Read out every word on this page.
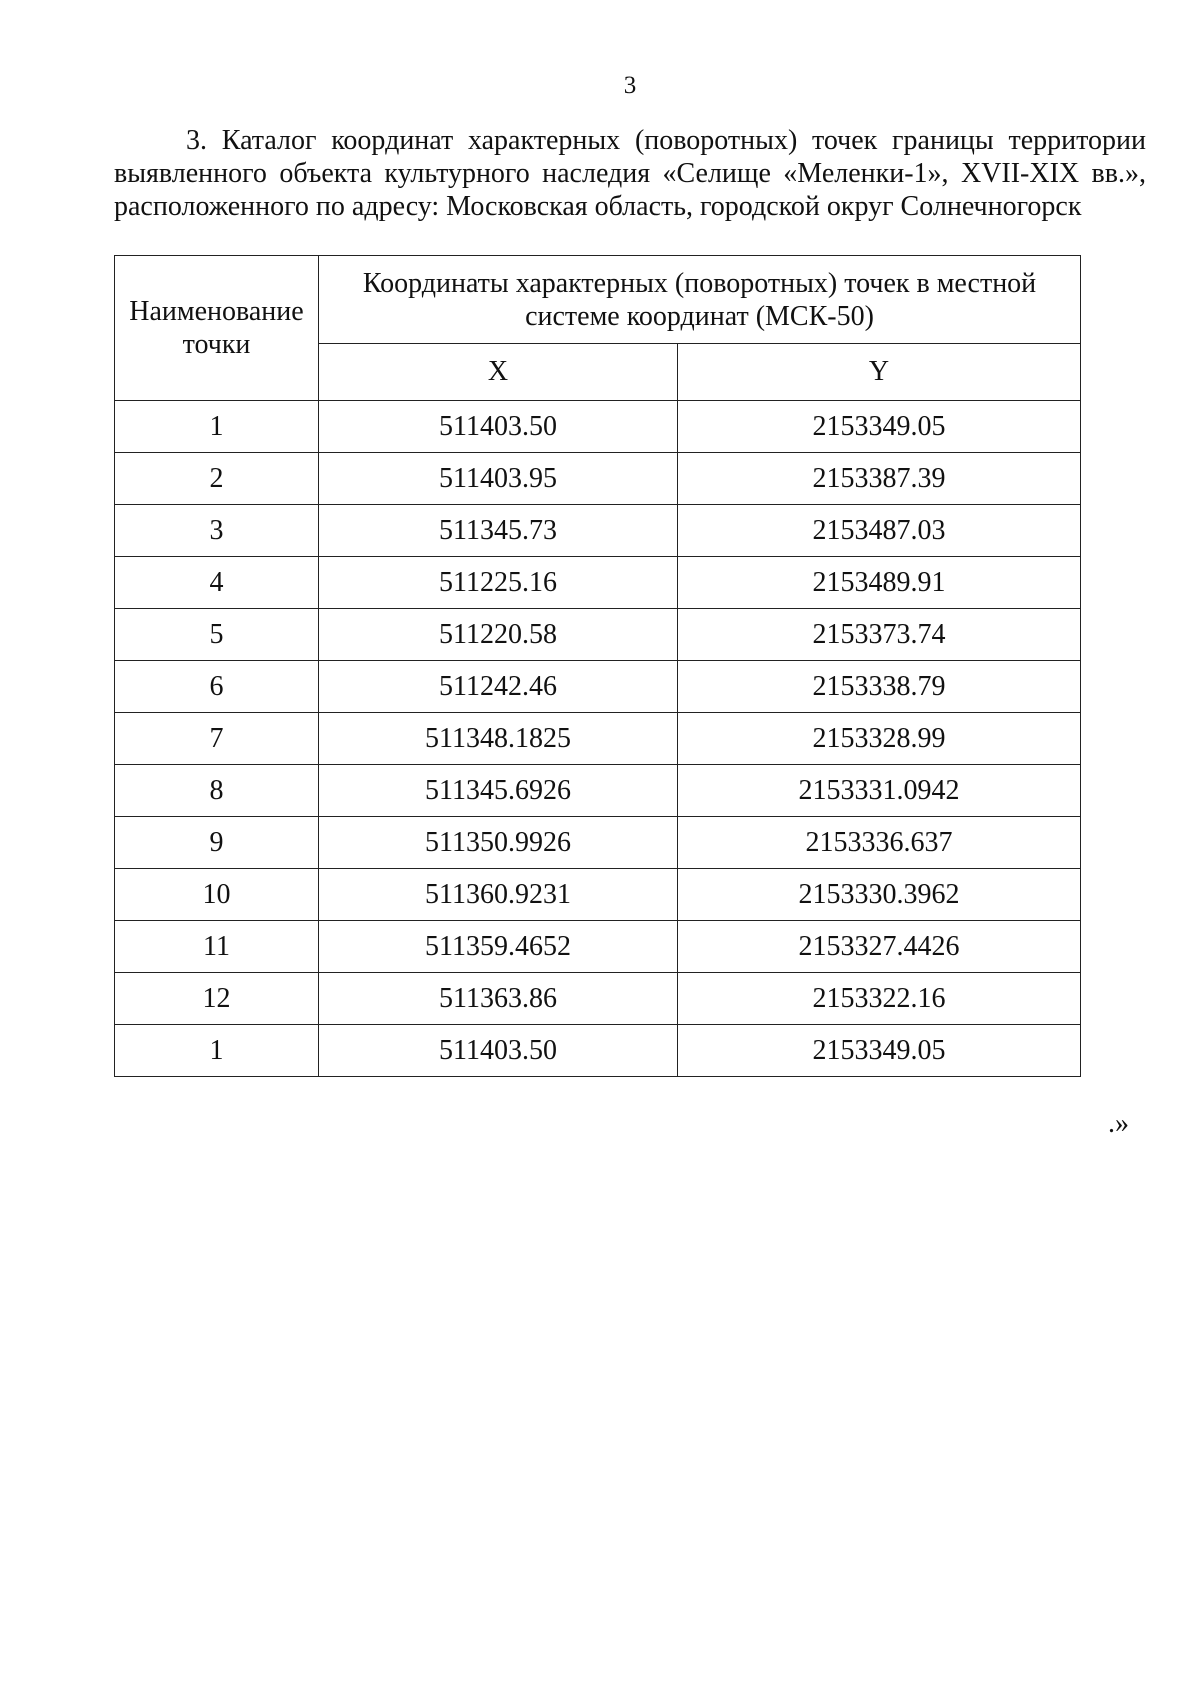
3
3. Каталог координат характерных (поворотных) точек границы территории выявленного объекта культурного наследия «Селище «Меленки-1», XVII-XIX вв.», расположенного по адресу: Московская область, городской округ Солнечногорск
Наименование точки	Координаты характерных (поворотных) точек в местной системе координат (МСК-50)	
	X	Y
1	511403.50	2153349.05
2	511403.95	2153387.39
3	511345.73	2153487.03
4	511225.16	2153489.91
5	511220.58	2153373.74
6	511242.46	2153338.79
7	511348.1825	2153328.99
8	511345.6926	2153331.0942
9	511350.9926	2153336.637
10	511360.9231	2153330.3962
11	511359.4652	2153327.4426
12	511363.86	2153322.16
1	511403.50	2153349.05
.»
